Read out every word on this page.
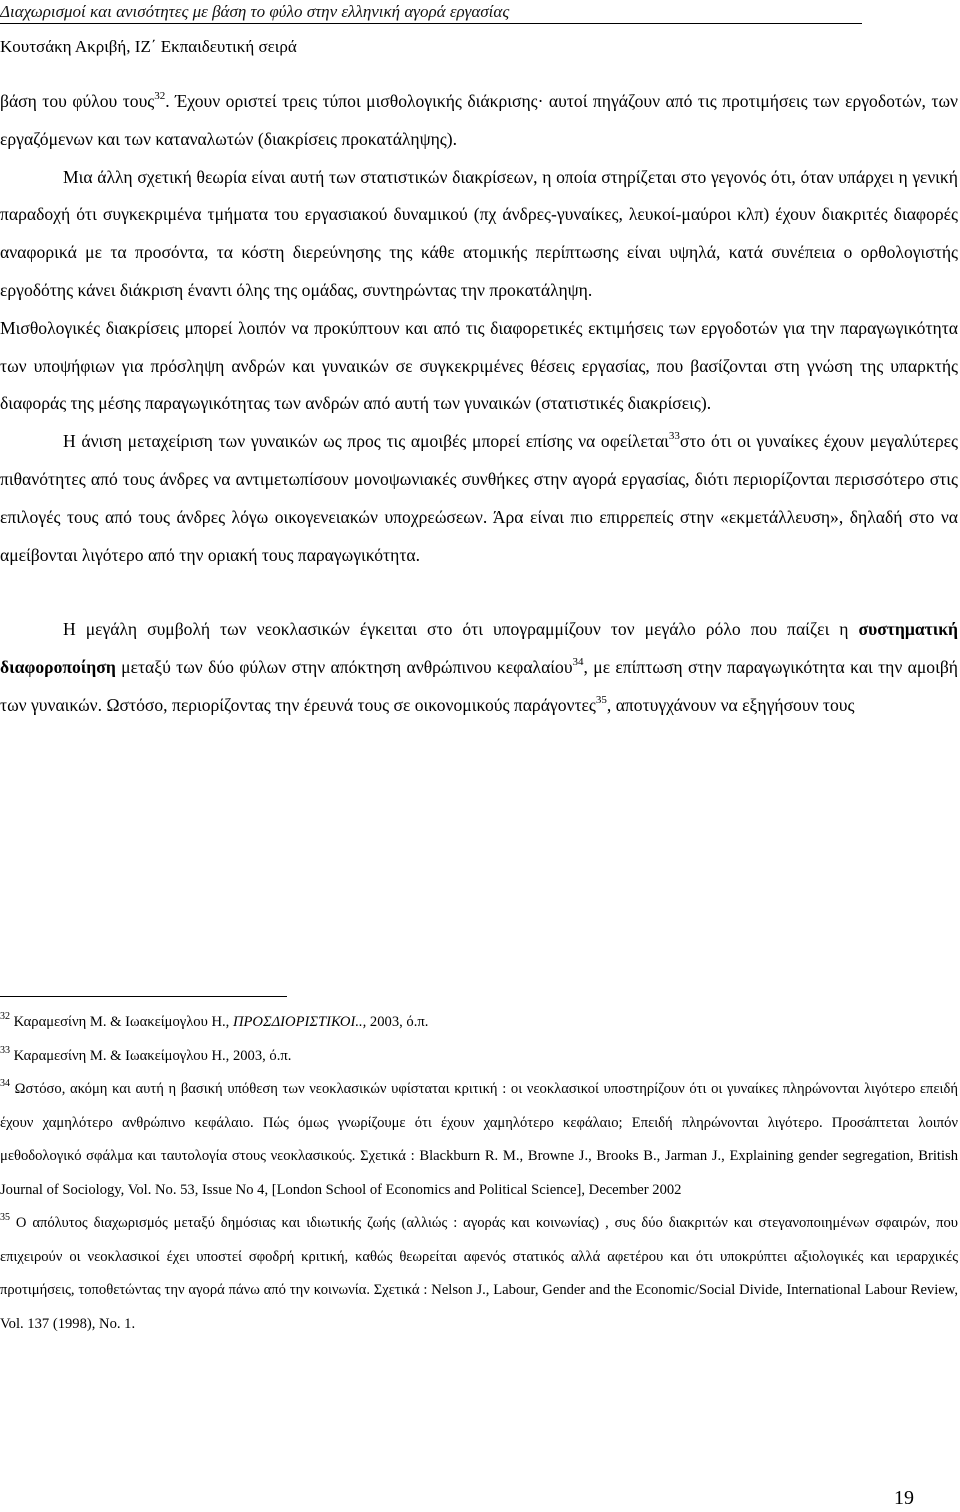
Διαχωρισμοί και ανισότητες με βάση το φύλο στην ελληνική αγορά εργασίας
Κουτσάκη Ακριβή, ΙΖ΄ Εκπαιδευτική σειρά

βάση του φύλου τους$^{32}$. Έχουν οριστεί τρεις τύποι μισθολογικής διάκρισης· αυτοί πηγάζουν από τις προτιμήσεις των εργοδοτών, των εργαζόμενων και των καταναλωτών (διακρίσεις προκατάληψης).

Μια άλλη σχετική θεωρία είναι αυτή των στατιστικών διακρίσεων, η οποία στηρίζεται στο γεγονός ότι, όταν υπάρχει η γενική παραδοχή ότι συγκεκριμένα τμήματα του εργασιακού δυναμικού (πχ άνδρες-γυναίκες, λευκοί-μαύροι κλπ) έχουν διακριτές διαφορές αναφορικά με τα προσόντα, τα κόστη διερεύνησης της κάθε ατομικής περίπτωσης είναι υψηλά, κατά συνέπεια ο ορθολογιστής εργοδότης κάνει διάκριση έναντι όλης της ομάδας, συντηρώντας την προκατάληψη.

Μισθολογικές διακρίσεις μπορεί λοιπόν να προκύπτουν και από τις διαφορετικές εκτιμήσεις των εργοδοτών για την παραγωγικότητα των υποψήφιων για πρόσληψη ανδρών και γυναικών σε συγκεκριμένες θέσεις εργασίας, που βασίζονται στη γνώση της υπαρκτής διαφοράς της μέσης παραγωγικότητας των ανδρών από αυτή των γυναικών (στατιστικές διακρίσεις).

Η άνιση μεταχείριση των γυναικών ως προς τις αμοιβές μπορεί επίσης να οφείλεται$^{33}$στο ότι οι γυναίκες έχουν μεγαλύτερες πιθανότητες από τους άνδρες να αντιμετωπίσουν μονοψωνιακές συνθήκες στην αγορά εργασίας, διότι περιορίζονται περισσότερο στις επιλογές τους από τους άνδρες λόγω οικογενειακών υποχρεώσεων. Άρα είναι πιο επιρρεπείς στην «εκμετάλλευση», δηλαδή στο να αμείβονται λιγότερο από την οριακή τους παραγωγικότητα.

Η μεγάλη συμβολή των νεοκλασικών έγκειται στο ότι υπογραμμίζουν τον μεγάλο ρόλο που παίζει η συστηματική διαφοροποίηση μεταξύ των δύο φύλων στην απόκτηση ανθρώπινου κεφαλαίου$^{34}$, με επίπτωση στην παραγωγικότητα και την αμοιβή των γυναικών. Ωστόσο, περιορίζοντας την έρευνά τους σε οικονομικούς παράγοντες$^{35}$, αποτυγχάνουν να εξηγήσουν τους

$^{32}$ Καραμεσίνη Μ. & Ιωακείμογλου Η., ΠΡΟΣΔΙΟΡΙΣΤΙΚΟΙ.., 2003, ό.π.

$^{33}$ Καραμεσίνη Μ. & Ιωακείμογλου Η., 2003, ό.π.

$^{34}$ Ωστόσο, ακόμη και αυτή η βασική υπόθεση των νεοκλασικών υφίσταται κριτική : οι νεοκλασικοί υποστηρίζουν ότι οι γυναίκες πληρώνονται λιγότερο επειδή έχουν χαμηλότερο ανθρώπινο κεφάλαιο. Πώς όμως γνωρίζουμε ότι έχουν χαμηλότερο κεφάλαιο; Επειδή πληρώνονται λιγότερο. Προσάπτεται λοιπόν μεθοδολογικό σφάλμα και ταυτολογία στους νεοκλασικούς. Σχετικά : Blackburn R. M., Browne J., Brooks B., Jarman J., Explaining gender segregation, British Journal of Sociology, Vol. No. 53, Issue No 4, [London School of Economics and Political Science], December 2002

$^{35}$ Ο απόλυτος διαχωρισμός μεταξύ δημόσιας και ιδιωτικής ζωής (αλλιώς : αγοράς και κοινωνίας) , συς δύο διακριτών και στεγανοποιημένων σφαιρών, που επιχειρούν οι νεοκλασικοί έχει υποστεί σφοδρή κριτική, καθώς θεωρείται αφενός στατικός αλλά αφετέρου και ότι υποκρύπτει αξιολογικές και ιεραρχικές προτιμήσεις, τοποθετώντας την αγορά πάνω από την κοινωνία. Σχετικά : Nelson J., Labour, Gender and the Economic/Social Divide, International Labour Review, Vol. 137 (1998), No. 1.

19
